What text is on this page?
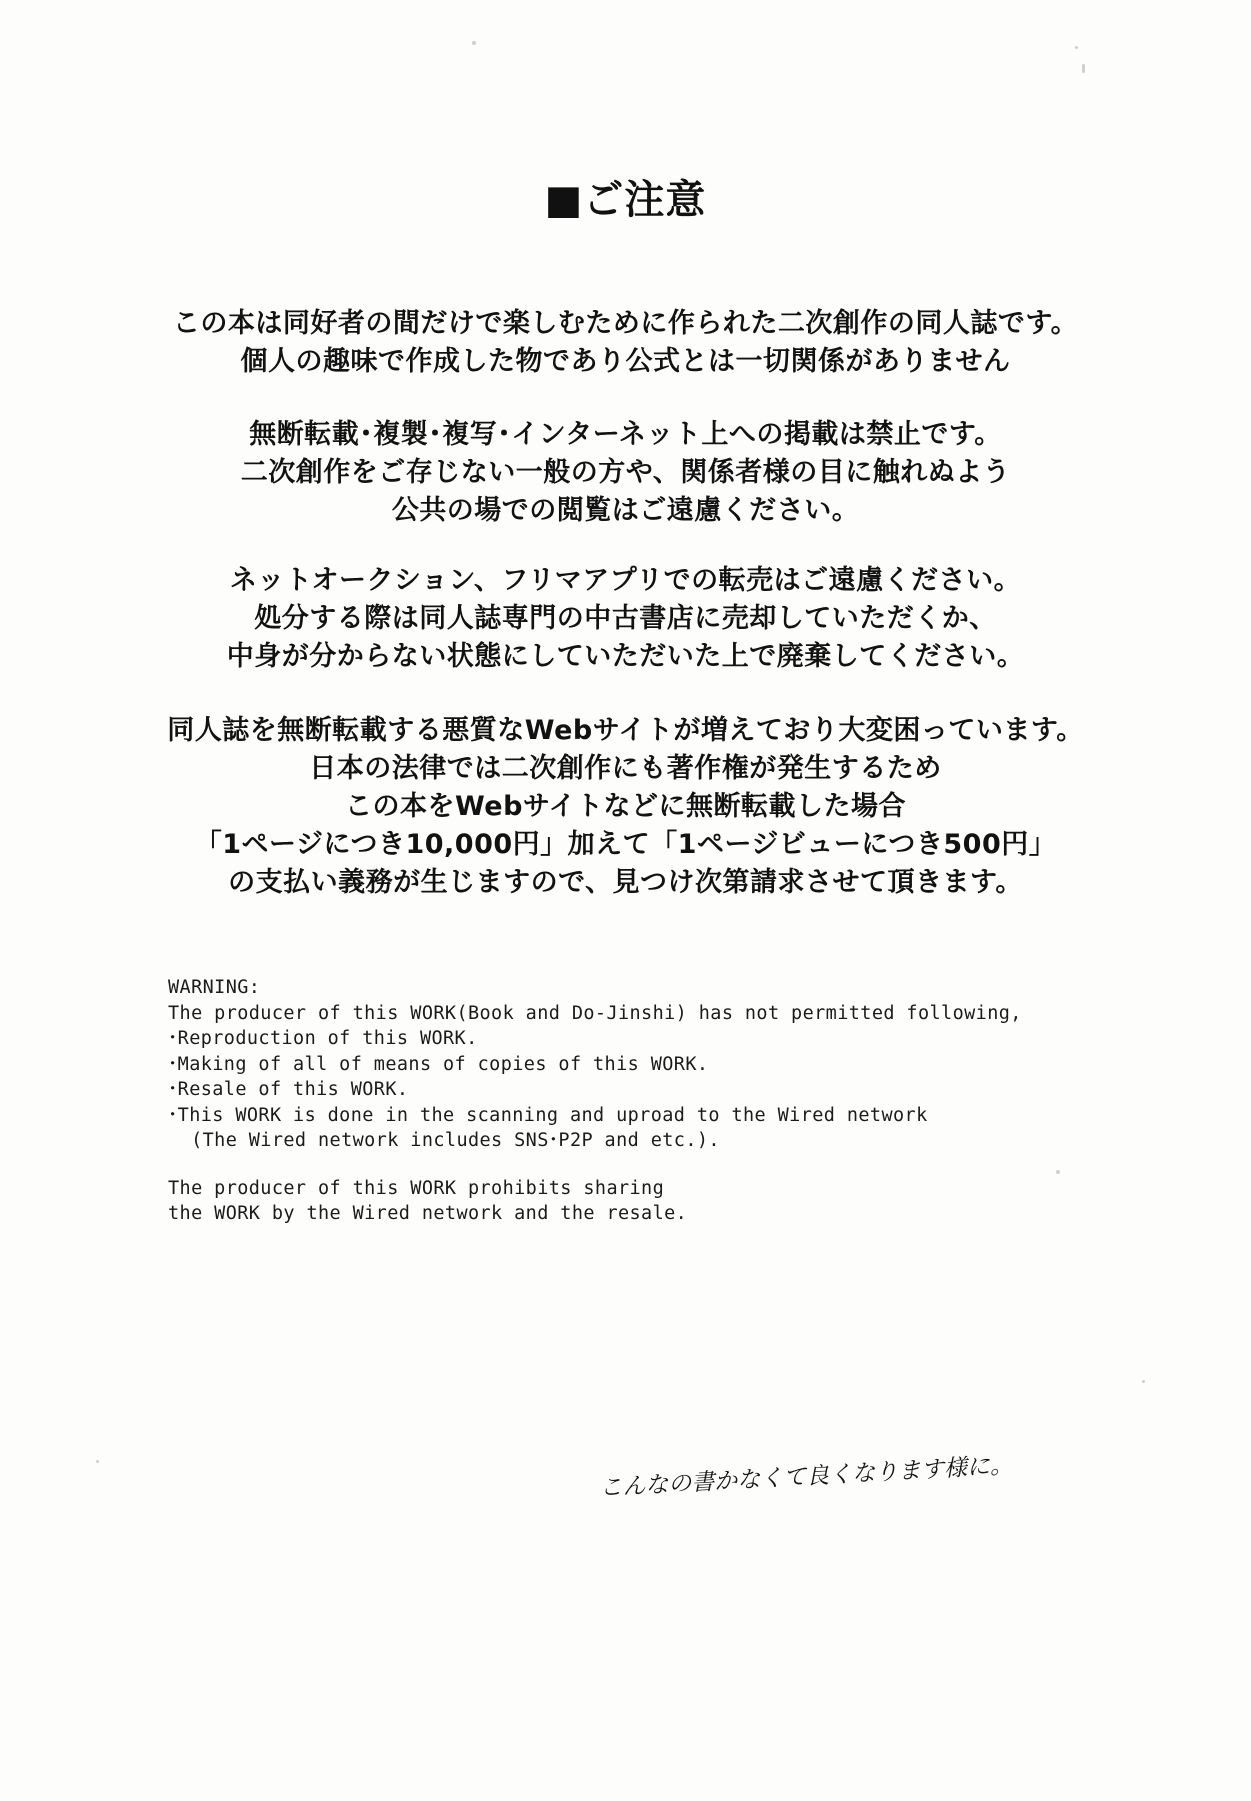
■ご注意
この本は同好者の間だけで楽しむために作られた二次創作の同人誌です。
個人の趣味で作成した物であり公式とは一切関係がありません
無断転載･複製･複写･インターネット上への掲載は禁止です。
二次創作をご存じない一般の方や、関係者様の目に触れぬよう
公共の場での閲覧はご遠慮ください。
ネットオークション、フリマアプリでの転売はご遠慮ください。
処分する際は同人誌専門の中古書店に売却していただくか、
中身が分からない状態にしていただいた上で廃棄してください。
同人誌を無断転載する悪質なWebサイトが増えており大変困っています。
日本の法律では二次創作にも著作権が発生するため
この本をWebサイトなどに無断転載した場合
「1ページにつき10,000円」加えて「1ページビューにつき500円」
の支払い義務が生じますので、見つけ次第請求させて頂きます。
WARNING:
The producer of this WORK(Book and Do-Jinshi) has not permitted following,
･Reproduction of this WORK.
･Making of all of means of copies of this WORK.
･Resale of this WORK.
･This WORK is done in the scanning and uproad to the Wired network
(The Wired network includes SNS･P2P and etc.).
The producer of this WORK prohibits sharing
the WORK by the Wired network and the resale.
こんなの書かなくて良くなります様に。
